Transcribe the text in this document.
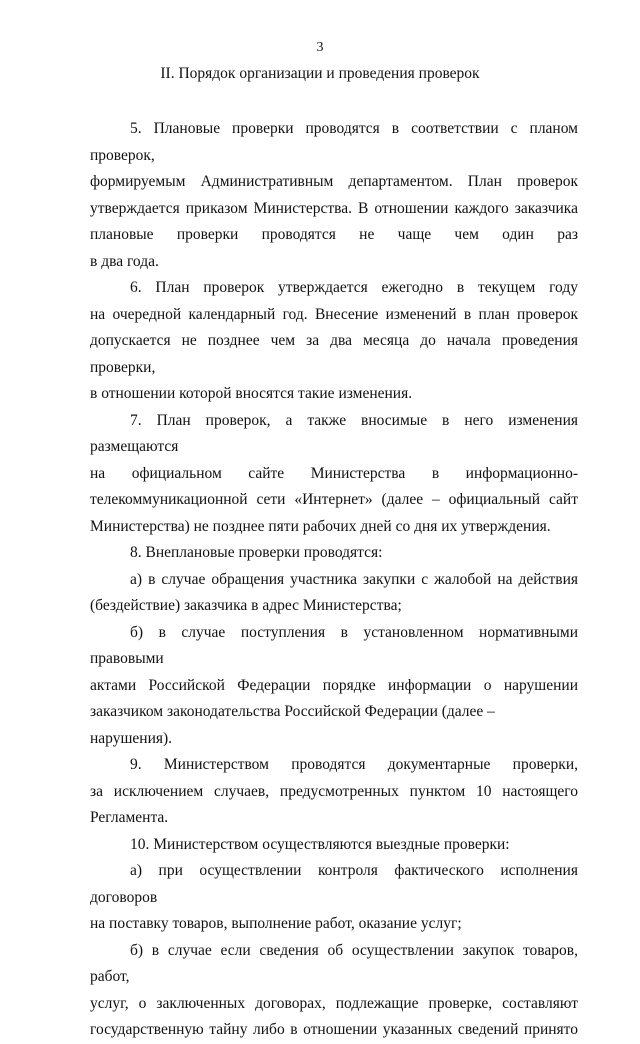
3
II. Порядок организации и проведения проверок

5. Плановые проверки проводятся в соответствии с планом проверок,

формируемым Административным департаментом. План проверок

утверждается приказом Министерства. В отношении каждого заказчика

плановые проверки проводятся не чаще чем один раз

в два года.

6. План проверок утверждается ежегодно в текущем году

на очередной календарный год. Внесение изменений в план проверок

допускается не позднее чем за два месяца до начала проведения проверки,

в отношении которой вносятся такие изменения.

7. План проверок, а также вносимые в него изменения размещаются

на официальном сайте Министерства в информационно-

телекоммуникационной сети «Интернет» (далее – официальный сайт

Министерства) не позднее пяти рабочих дней со дня их утверждения.

8. Внеплановые проверки проводятся:

а) в случае обращения участника закупки с жалобой на действия

(бездействие) заказчика в адрес Министерства;

б) в случае поступления в установленном нормативными правовыми

актами Российской Федерации порядке информации о нарушении

заказчиком законодательства Российской Федерации (далее – нарушения).

9. Министерством проводятся документарные проверки,

за исключением случаев, предусмотренных пунктом 10 настоящего

Регламента.

10. Министерством осуществляются выездные проверки:

а) при осуществлении контроля фактического исполнения договоров

на поставку товаров, выполнение работ, оказание услуг;

б) в случае если сведения об осуществлении закупок товаров, работ,

услуг, о заключенных договорах, подлежащие проверке, составляют

государственную тайну либо в отношении указанных сведений принято
